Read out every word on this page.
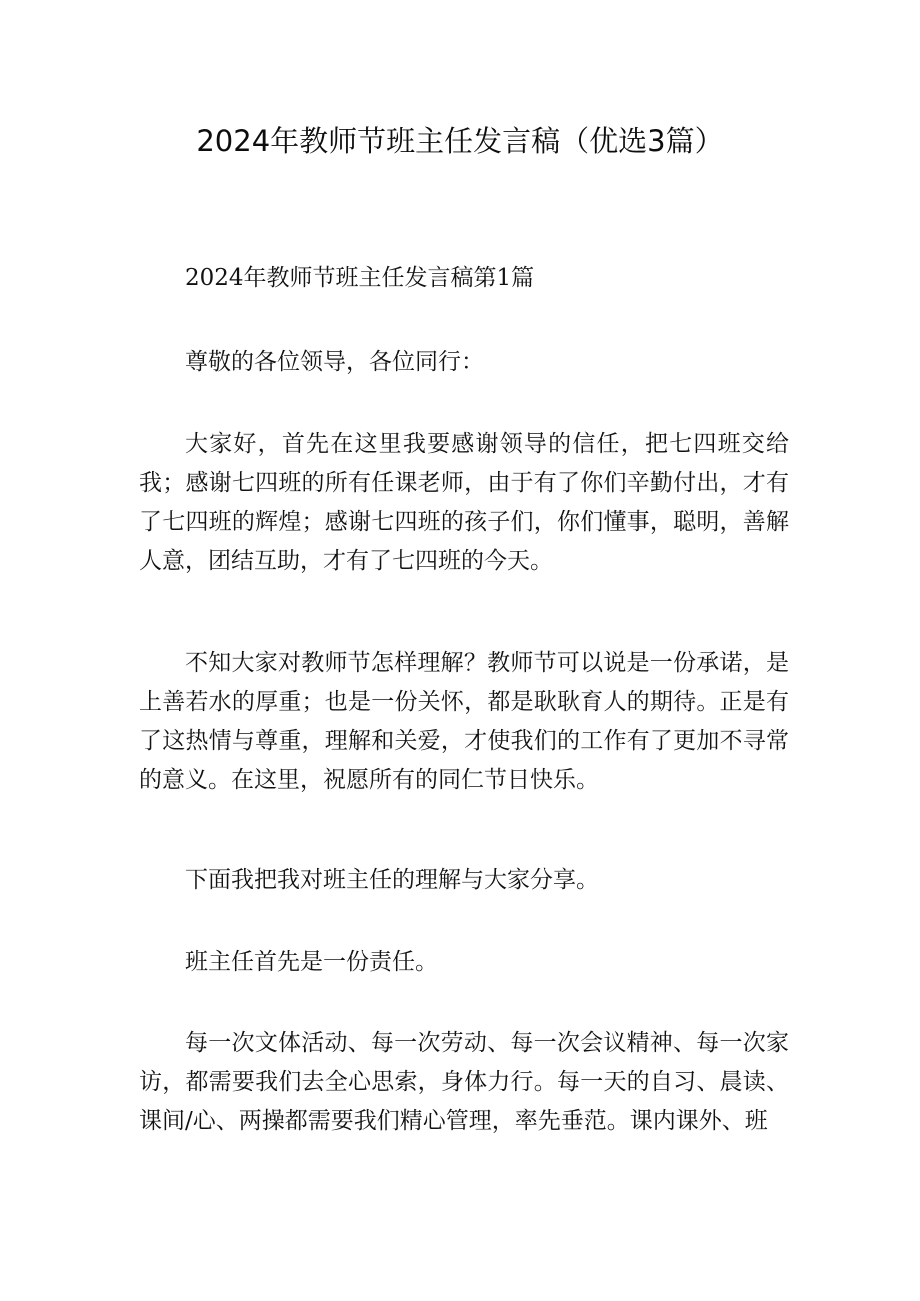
2024年教师节班主任发言稿（优选3篇）

2024年教师节班主任发言稿第1篇

尊敬的各位领导，各位同行：

大家好，首先在这里我要感谢领导的信任，把七四班交给我；感谢七四班的所有任课老师，由于有了你们辛勤付出，才有了七四班的辉煌；感谢七四班的孩子们，你们懂事，聪明，善解人意，团结互助，才有了七四班的今天。

不知大家对教师节怎样理解？教师节可以说是一份承诺，是上善若水的厚重；也是一份关怀，都是耿耿育人的期待。正是有了这热情与尊重，理解和关爱，才使我们的工作有了更加不寻常的意义。在这里，祝愿所有的同仁节日快乐。

下面我把我对班主任的理解与大家分享。

班主任首先是一份责任。

每一次文体活动、每一次劳动、每一次会议精神、每一次家访，都需要我们去全心思索，身体力行。每一天的自习、晨读、课间/心、两操都需要我们精心管理，率先垂范。课内课外、班
